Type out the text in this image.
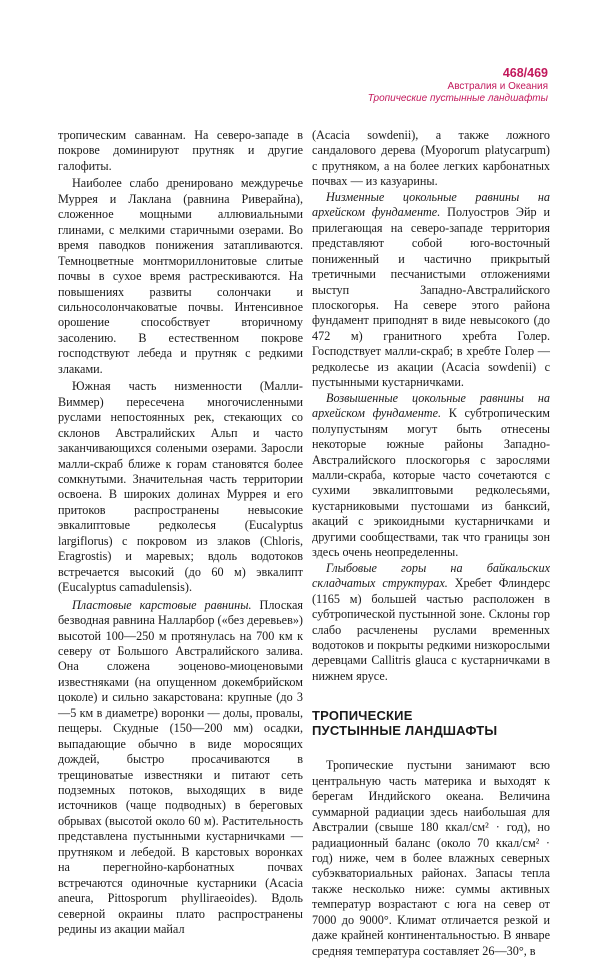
468/469
Австралия и Океания
Тропические пустынные ландшафты

тропическим саваннам. На северо-западе в покрове доминируют прутняк и другие галофиты.

Наиболее слабо дренировано междуречье Муррея и Лаклана (равнина Риверайна), сложенное мощными аллювиальными глинами, с мелкими старичными озерами. Во время паводков понижения затапливаются. Темноцветные монтмориллонитовые слитые почвы в сухое время растрескиваются. На повышениях развиты солончаки и сильносолончаковатые почвы. Интенсивное орошение способствует вторичному засолению. В естественном покрове господствуют лебеда и прутняк с редкими злаками.

Южная часть низменности (Малли-Виммер) пересечена многочисленными руслами непостоянных рек, стекающих со склонов Австралийских Альп и часто заканчивающихся солеными озерами. Заросли малли-скраб ближе к горам становятся более сомкнутыми. Значительная часть территории освоена. В широких долинах Муррея и его притоков распространены невысокие эвкалиптовые редколесья (Eucalyptus largiflorus) с покровом из злаков (Chloris, Eragrostis) и маревых; вдоль водотоков встречается высокий (до 60 м) эвкалипт (Eucalyptus camadulensis).

Пластовые карстовые равнины. Плоская безводная равнина Налларбор («без деревьев») высотой 100—250 м протянулась на 700 км к северу от Большого Австралийского залива. Она сложена эоценово-миоценовыми известняками (на опущенном докембрийском цоколе) и сильно закарстована: крупные (до 3—5 км в диаметре) воронки — долы, провалы, пещеры. Скудные (150—200 мм) осадки, выпадающие обычно в виде моросящих дождей, быстро просачиваются в трещиноватые известняки и питают сеть подземных потоков, выходящих в виде источников (чаще подводных) в береговых обрывах (высотой около 60 м). Растительность представлена пустынными кустарничками — прутняком и лебедой. В карстовых воронках на перегнойно-карбонатных почвах встречаются одиночные кустарники (Acacia aneura, Pittosporum phylliraeoides). Вдоль северной окраины плато распространены редины из акации майал

(Acacia sowdenii), а также ложного сандалового дерева (Myoporum platycarpum) с прутняком, а на более легких карбонатных почвах — из казуарины.

Низменные цокольные равнины на архейском фундаменте. Полуостров Эйр и прилегающая на северо-западе территория представляют собой юго-восточный пониженный и частично прикрытый третичными песчанистыми отложениями выступ Западно-Австралийского плоскогорья. На севере этого района фундамент приподнят в виде невысокого (до 472 м) гранитного хребта Голер. Господствует малли-скраб; в хребте Голер — редколесье из акации (Acacia sowdenii) с пустынными кустарничками.

Возвышенные цокольные равнины на архейском фундаменте. К субтропическим полупустыням могут быть отнесены некоторые южные районы Западно-Австралийского плоскогорья с зарослями малли-скраба, которые часто сочетаются с сухими эвкалиптовыми редколесьями, кустарниковыми пустошами из банксий, акаций с эрикоидными кустарничками и другими сообществами, так что границы зон здесь очень неопределенны.

Глыбовые горы на байкальских складчатых структурах. Хребет Флиндерс (1165 м) большей частью расположен в субтропической пустынной зоне. Склоны гор слабо расчленены руслами временных водотоков и покрыты редкими низкорослыми деревцами Callitris glauca с кустарничками в нижнем ярусе.

ТРОПИЧЕСКИЕ
ПУСТЫННЫЕ ЛАНДШАФТЫ

Тропические пустыни занимают всю центральную часть материка и выходят к берегам Индийского океана. Величина суммарной радиации здесь наибольшая для Австралии (свыше 180 ккал/см² · год), но радиационный баланс (около 70 ккал/см² · год) ниже, чем в более влажных северных субэкваториальных районах. Запасы тепла также несколько ниже: суммы активных температур возрастают с юга на север от 7000 до 9000°. Климат отличается резкой и даже крайней континентальностью. В январе средняя температура составляет 26—30°, в
